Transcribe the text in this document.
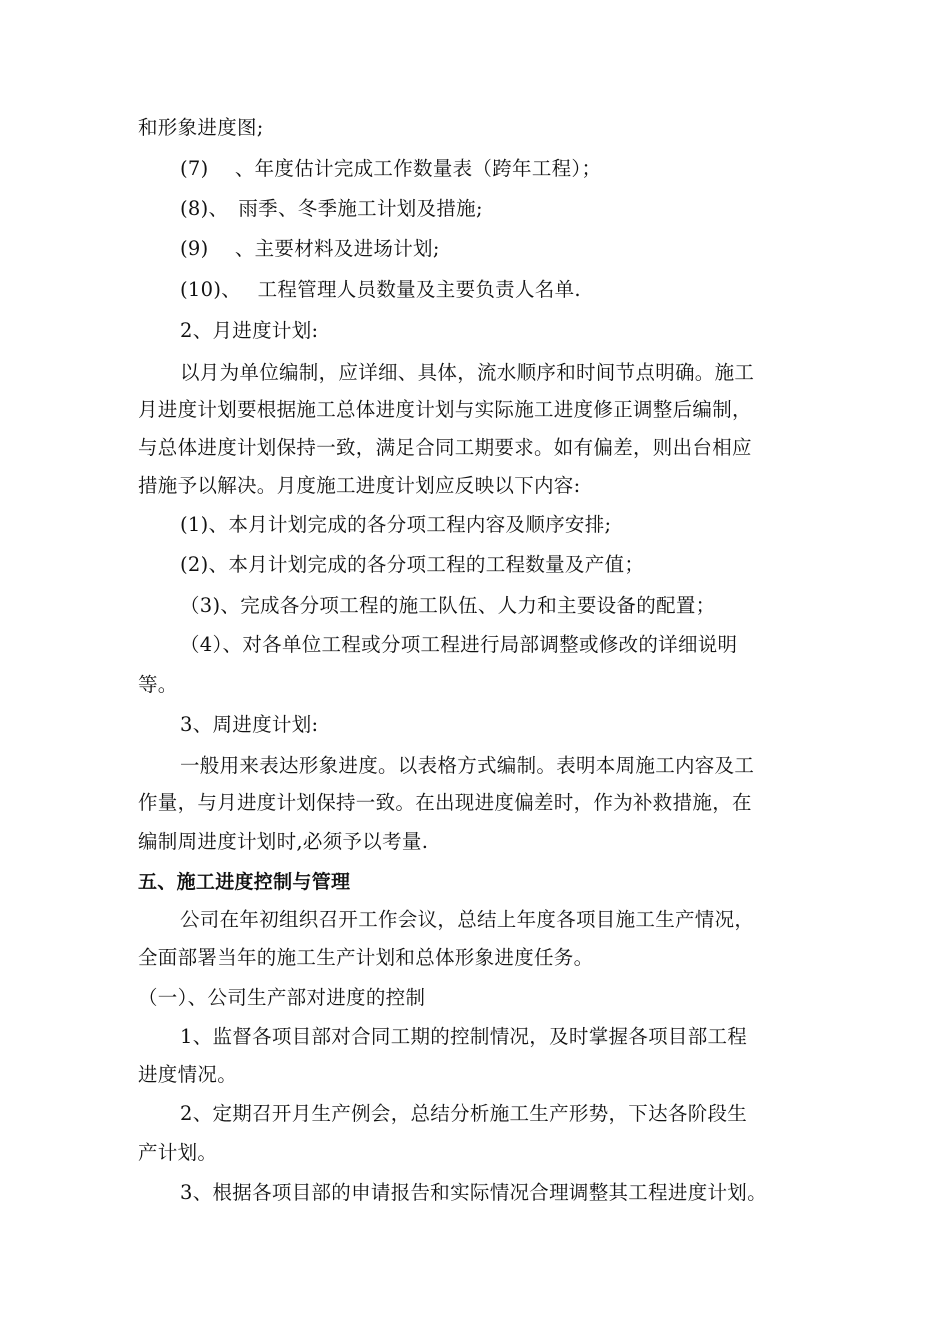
和形象进度图;
(7)　 、年度估计完成工作数量表（跨年工程）；
(8)、　雨季、冬季施工计划及措施;
(9)　 、主要材料及进场计划;
(10)、　 工程管理人员数量及主要负责人名单.
2、月进度计划:
以月为单位编制，应详细、具体，流水顺序和时间节点明确。施工
月进度计划要根据施工总体进度计划与实际施工进度修正调整后编制，
与总体进度计划保持一致，满足合同工期要求。如有偏差，则出台相应
措施予以解决。月度施工进度计划应反映以下内容:
(1)、本月计划完成的各分项工程内容及顺序安排;
(2)、本月计划完成的各分项工程的工程数量及产值；
（3)、完成各分项工程的施工队伍、人力和主要设备的配置；
（4）、对各单位工程或分项工程进行局部调整或修改的详细说明
等。
3、周进度计划:
一般用来表达形象进度。以表格方式编制。表明本周施工内容及工
作量，与月进度计划保持一致。在出现进度偏差时，作为补救措施，在
编制周进度计划时,必须予以考量.
五、施工进度控制与管理
公司在年初组织召开工作会议，总结上年度各项目施工生产情况，
全面部署当年的施工生产计划和总体形象进度任务。
（一）、公司生产部对进度的控制
1、监督各项目部对合同工期的控制情况，及时掌握各项目部工程
进度情况。
2、定期召开月生产例会，总结分析施工生产形势，下达各阶段生
产计划。
3、根据各项目部的申请报告和实际情况合理调整其工程进度计划。
